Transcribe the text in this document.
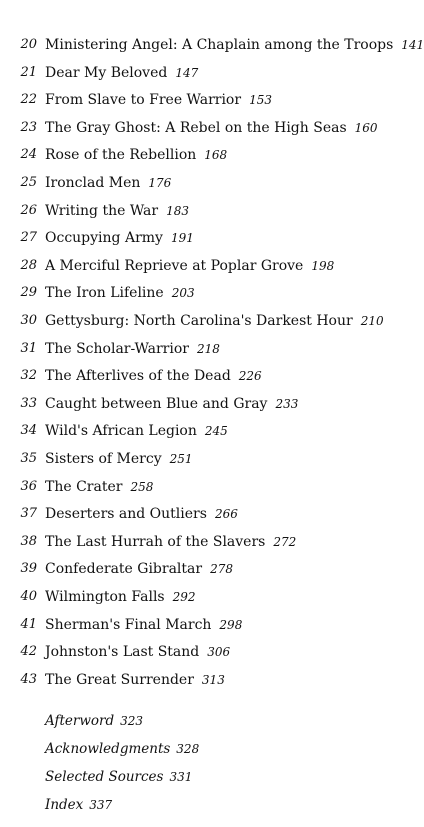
20 Ministering Angel: A Chaplain among the Troops 141
21 Dear My Beloved 147
22 From Slave to Free Warrior 153
23 The Gray Ghost: A Rebel on the High Seas 160
24 Rose of the Rebellion 168
25 Ironclad Men 176
26 Writing the War 183
27 Occupying Army 191
28 A Merciful Reprieve at Poplar Grove 198
29 The Iron Lifeline 203
30 Gettysburg: North Carolina's Darkest Hour 210
31 The Scholar-Warrior 218
32 The Afterlives of the Dead 226
33 Caught between Blue and Gray 233
34 Wild's African Legion 245
35 Sisters of Mercy 251
36 The Crater 258
37 Deserters and Outliers 266
38 The Last Hurrah of the Slavers 272
39 Confederate Gibraltar 278
40 Wilmington Falls 292
41 Sherman's Final March 298
42 Johnston's Last Stand 306
43 The Great Surrender 313
Afterword 323
Acknowledgments 328
Selected Sources 331
Index 337
